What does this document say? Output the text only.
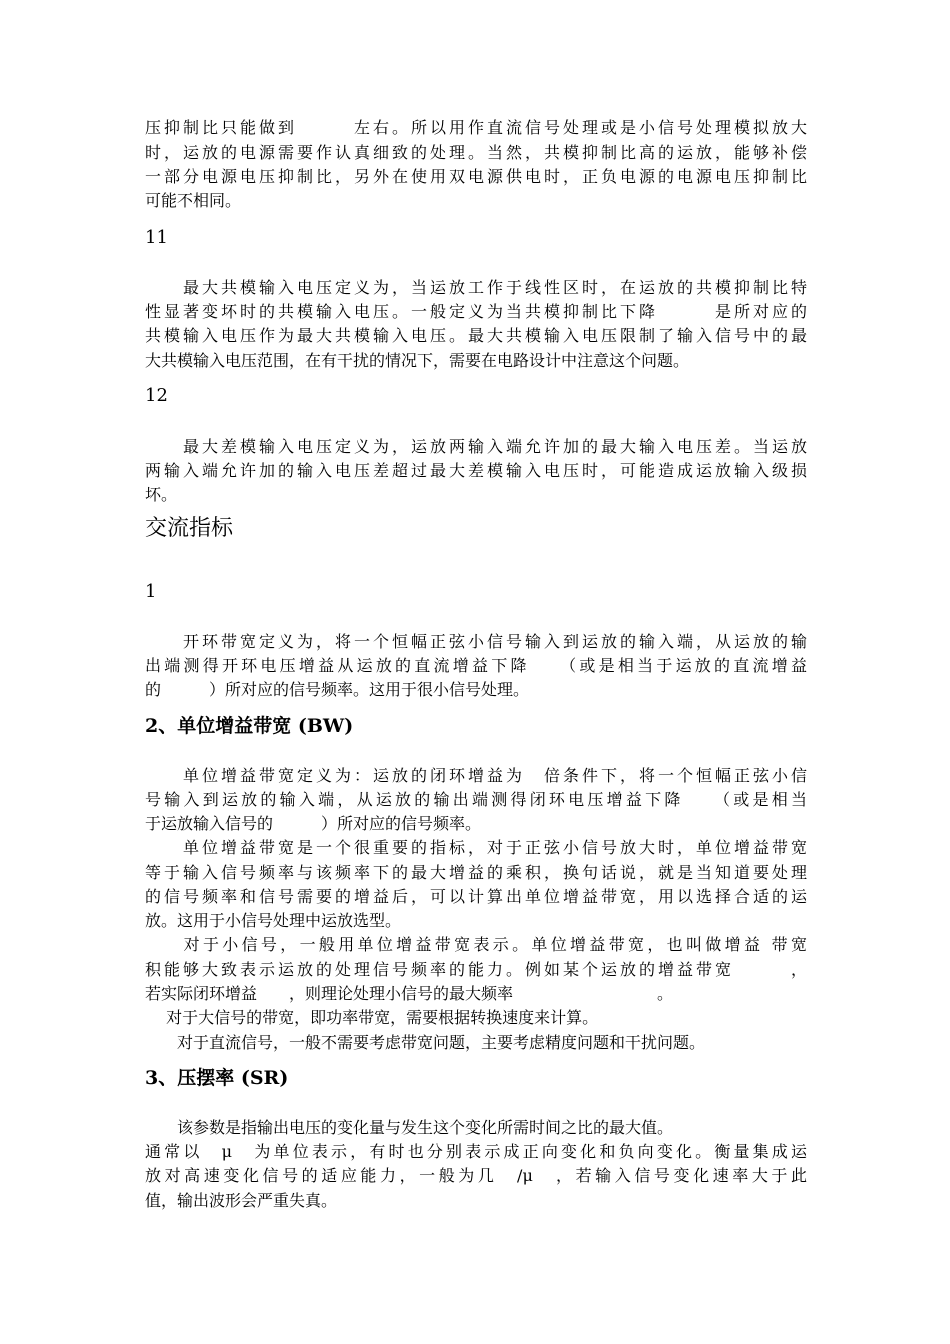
压抑制比只能做到　　　左右。所以用作直流信号处理或是小信号处理模拟放大
时，运放的电源需要作认真细致的处理。当然，共模抑制比高的运放，能够补偿
一部分电源电压抑制比，另外在使用双电源供电时，正负电源的电源电压抑制比
可能不相同。
11
　　最大共模输入电压定义为，当运放工作于线性区时，在运放的共模抑制比特
性显著变坏时的共模输入电压。一般定义为当共模抑制比下降　　　是所对应的
共模输入电压作为最大共模输入电压。最大共模输入电压限制了输入信号中的最
大共模输入电压范围，在有干扰的情况下，需要在电路设计中注意这个问题。
12
　　最大差模输入电压定义为，运放两输入端允许加的最大输入电压差。当运放
两输入端允许加的输入电压差超过最大差模输入电压时，可能造成运放输入级损
坏。
交流指标
1
　　开环带宽定义为，将一个恒幅正弦小信号输入到运放的输入端，从运放的输
出端测得开环电压增益从运放的直流增益下降　　（或是相当于运放的直流增益
的　　　）所对应的信号频率。这用于很小信号处理。
2、单位增益带宽 (BW)
　　单位增益带宽定义为：运放的闭环增益为　倍条件下，将一个恒幅正弦小信
号输入到运放的输入端，从运放的输出端测得闭环电压增益下降　　（或是相当
于运放输入信号的　　　）所对应的信号频率。
　　单位增益带宽是一个很重要的指标，对于正弦小信号放大时，单位增益带宽
等于输入信号频率与该频率下的最大增益的乘积，换句话说，就是当知道要处理
的信号频率和信号需要的增益后，可以计算出单位增益带宽，用以选择合适的运
放。这用于小信号处理中运放选型。
　　对于小信号，一般用单位增益带宽表示。单位增益带宽，也叫做增益 带宽
积能够大致表示运放的处理信号频率的能力。例如某个运放的增益带宽　　　，
若实际闭环增益　　，则理论处理小信号的最大频率　　　　　　　　　。
　 对于大信号的带宽，即功率带宽，需要根据转换速度来计算。
　　对于直流信号，一般不需要考虑带宽问题，主要考虑精度问题和干扰问题。
3、压摆率 (SR)
　　该参数是指输出电压的变化量与发生这个变化所需时间之比的最大值。
通常以　μ　为单位表示，有时也分别表示成正向变化和负向变化。衡量集成运
放对高速变化信号的适应能力，一般为几　/μ　，若输入信号变化速率大于此
值，输出波形会严重失真。
